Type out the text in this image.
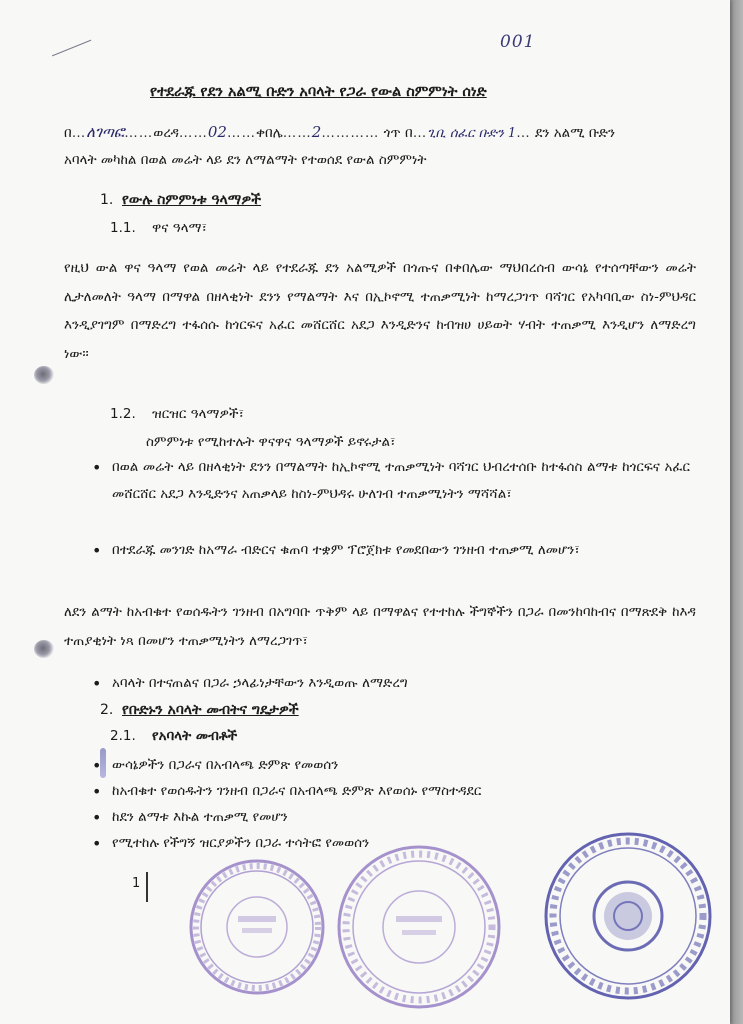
001
የተደራጁ የደን አልሚ ቡድን አባላት የጋራ የውል ስምምነት ሰነድ
በ…ለገጣፎ……ወረዳ……02……ቀበሌ……2………… ጎጥ በ…ጊቢ ሰፈር ቡድን 1… ደን አልሚ ቡድን
አባላት መካከል በወል መሬት ላይ ደን ለማልማት የተወሰደ የውል ስምምነት
1. የውሉ ስምምነቱ ዓላማዎች
1.1. ዋና ዓላማ፣
የዚህ ውል ዋና ዓላማ የወል መሬት ላይ የተደራጁ ደን አልሚዎች በጎጡና በቀበሌው ማህበረሰብ ውሳኔ የተሰጣቸውን መሬት ሊታለመለት ዓላማ በማዋል በዘላቂነት ደንን የማልማት እና በኢኮኖሚ ተጠቃሚነት ከማረጋገጥ ባሻገር የአካባቢው ስነ-ምህዳር እንዲያገግም በማድረግ ተፋሰሱ ከጎርፍና አፈር መሸርሸር አደጋ እንዲድንና ከብዝሀ ሀይወት ሃብት ተጠቃሚ እንዲሆን ለማድረግ ነው፡፡
1.2. ዝርዝር ዓላማዎች፣
ስምምነቱ የሚከተሉት ዋናዋና ዓላማዎች ይኖሩታል፣
• በወል መሬት ላይ በዘላቂነት ደንን በማልማት ከኢኮኖሚ ተጠቃሚነት ባሻገር ህብረተሰቡ ከተፋሰስ ልማቱ ከጎርፍና አፈር መሸርሸር አደጋ እንዲድንና አጠቃላይ ከስነ-ምህዳሩ ሁለገብ ተጠቃሚነትን ማሻሻል፣
• በተደራጁ መንገድ ከአማራ ብድርና ቁጠባ ተቋም ፕሮጀክቱ የመደበውን ገንዘብ ተጠቃሚ ለመሆን፣
ለደን ልማት ከአብቁተ የወሰዱትን ገንዘብ በአግባቡ ጥቅም ላይ በማዋልና የተተከሉ ችግኞችን በጋራ በመንከባከብና በማጽደቅ ከእዳ ተጠያቂነት ነጻ በመሆን ተጠቃሚነትን ለማረጋገጥ፣
• አባላት በተናጠልና በጋራ ኃላፊነታቸውን እንዲወጡ ለማድረግ
2. የቡድኑን አባላት መብትና ግዴታዎች
2.1. የአባላት መብቶች
• ውሳኔዎችን በጋራና በአብላጫ ድምጽ የመወሰን
• ከአብቁተ የወሰዱትን ገንዘብ በጋራና በአብላጫ ድምጽ እየወሰኑ የማስተዳደር
• ከደን ልማቱ እኩል ተጠቃሚ የመሆን
• የሚተከሉ የችግኝ ዝርያዎችን በጋራ ተሳትፎ የመወሰን
1
